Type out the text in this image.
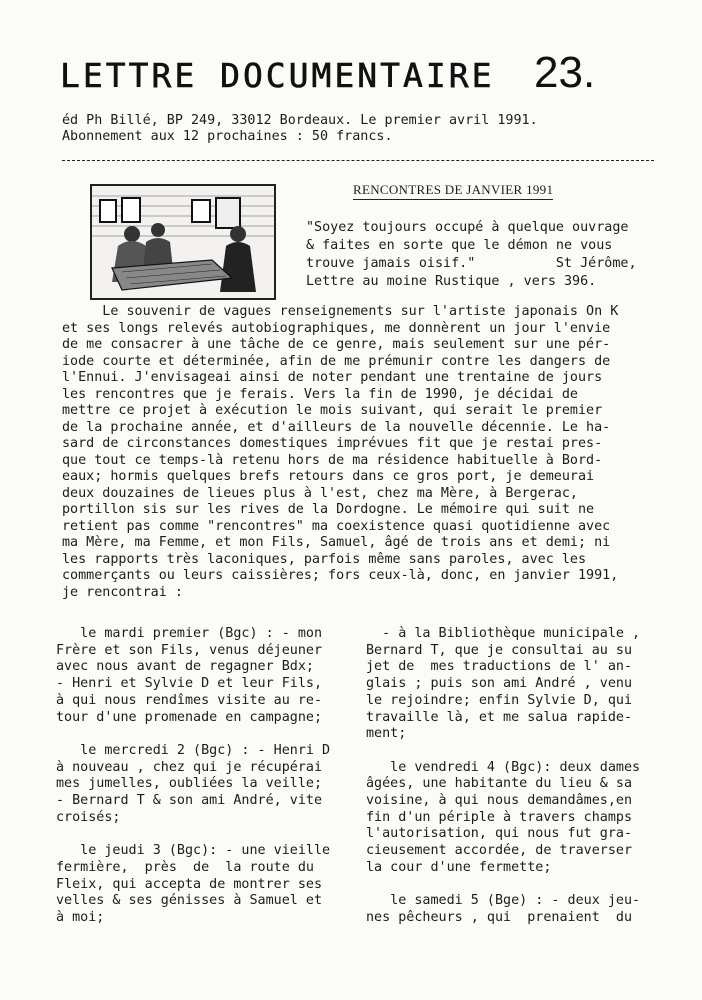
LETTRE DOCUMENTAIRE 23.
éd Ph Billé, BP 249, 33012 Bordeaux. Le premier avril 1991.
Abonnement aux 12 prochaines : 50 francs.
RENCONTRES DE JANVIER 1991
"Soyez toujours occupé à quelque ouvrage
& faites en sorte que le démon ne vous
trouve jamais oisif."          St Jérôme,
Lettre au moine Rustique , vers 396.
Le souvenir de vagues renseignements sur l'artiste japonais On K
et ses longs relevés autobiographiques, me donnèrent un jour l'envie
de me consacrer à une tâche de ce genre, mais seulement sur une pér-
iode courte et déterminée, afin de me prémunir contre les dangers de
l'Ennui. J'envisageai ainsi de noter pendant une trentaine de jours
les rencontres que je ferais. Vers la fin de 1990, je décidai de
mettre ce projet à exécution le mois suivant, qui serait le premier
de la prochaine année, et d'ailleurs de la nouvelle décennie. Le ha-
sard de circonstances domestiques imprévues fit que je restai pres-
que tout ce temps-là retenu hors de ma résidence habituelle à Bord-
eaux; hormis quelques brefs retours dans ce gros port, je demeurai
deux douzaines de lieues plus à l'est, chez ma Mère, à Bergerac,
portillon sis sur les rives de la Dordogne. Le mémoire qui suit ne
retient pas comme "rencontres" ma coexistence quasi quotidienne avec
ma Mère, ma Femme, et mon Fils, Samuel, âgé de trois ans et demi; ni
les rapports très laconiques, parfois même sans paroles, avec les
commerçants ou leurs caissières; fors ceux-là, donc, en janvier 1991,
je rencontrai :
le mardi premier (Bgc) : - mon
Frère et son Fils, venus déjeuner
avec nous avant de regagner Bdx;
- Henri et Sylvie D et leur Fils,
à qui nous rendîmes visite au re-
tour d'une promenade en campagne;

le mercredi 2 (Bgc) : - Henri D
à nouveau , chez qui je récupérai
mes jumelles, oubliées la veille;
- Bernard T & son ami André, vite
croisés;

le jeudi 3 (Bgc): - une vieille
fermière,  près  de  la route du
Fleix, qui accepta de montrer ses
velles & ses génisses à Samuel et
à moi;
- à la Bibliothèque municipale ,
Bernard T, que je consultai au su
jet de  mes traductions de l' an-
glais ; puis son ami André , venu
le rejoindre; enfin Sylvie D, qui
travaille là, et me salua rapide-
ment;

le vendredi 4 (Bgc): deux dames
âgées, une habitante du lieu & sa
voisine, à qui nous demandâmes,en
fin d'un périple à travers champs
l'autorisation, qui nous fut gra-
cieusement accordée, de traverser
la cour d'une fermette;

le samedi 5 (Bge) : - deux jeu-
nes pêcheurs , qui  prenaient  du
